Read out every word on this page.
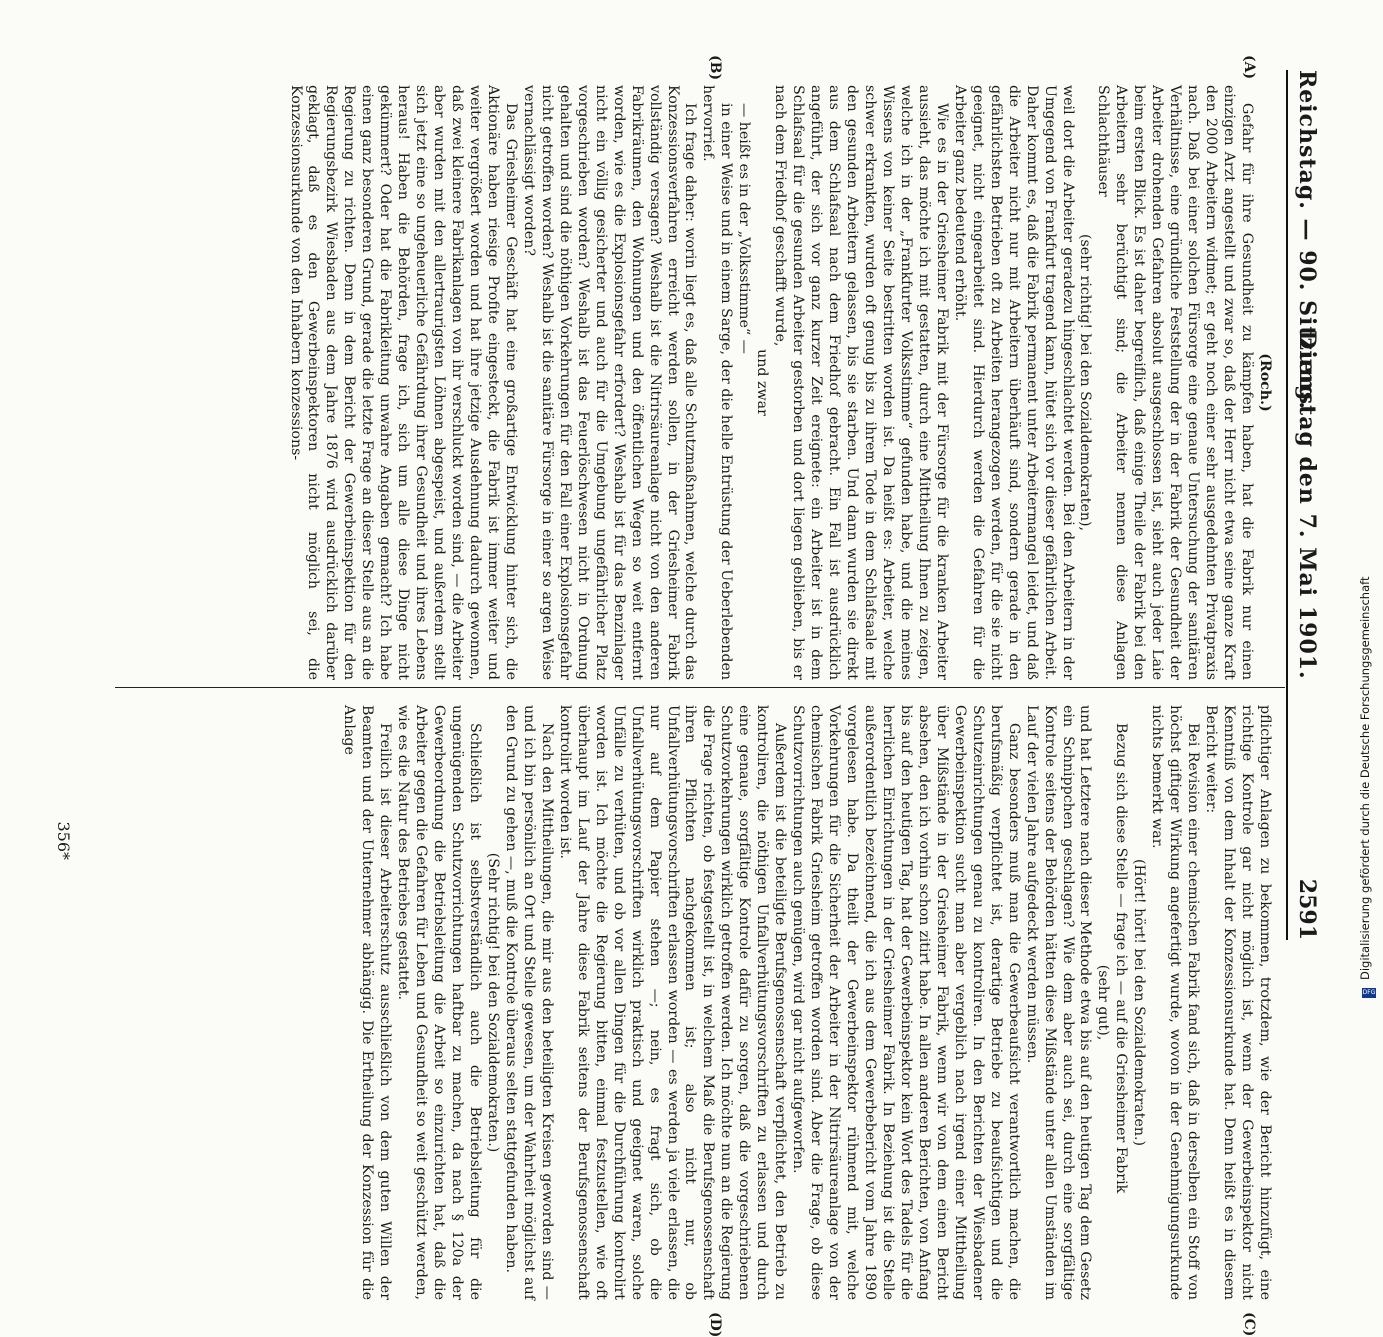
Reichstag. — 90. Sitzung.
Dienstag den 7. Mai 1901.
2591
(A)
(B)
(C)
(D)

(Roch.)

Gefahr für ihre Gesundheit zu kämpfen haben, hat die Fabrik nur einen einzigen Arzt angestellt und zwar so, daß der Herr nicht etwa seine ganze Kraft den 2000 Arbeitern widmet; er geht noch einer sehr ausgedehnten Privatpraxis nach. Daß bei einer solchen Fürsorge eine genaue Untersuchung der sanitären Verhältnisse, eine gründliche Feststellung der in der Fabrik der Gesundheit der Arbeiter drohenden Gefahren absolut ausgeschlossen ist, sieht auch jeder Laie beim ersten Blick. Es ist daher begreiflich, daß einige Theile der Fabrik bei den Arbeitern sehr berüchtigt sind; die Arbeiter nennen diese Anlagen Schlachthäuser

(sehr richtig! bei den Sozialdemokraten),

weil dort die Arbeiter geradezu hingeschlachtet werden. Bei den Arbeitern in der Umgegend von Frankfurt tragend kann, hütet sich vor dieser gefährlichen Arbeit. Daher kommt es, daß die Fabrik permanent unter Arbeitermangel leidet, und daß die Arbeiter nicht nur mit Arbeitern überhäuft sind, sondern gerade in den gefährlichsten Betrieben oft zu Arbeiten herangezogen werden, für die sie nicht geeignet, nicht eingearbeitet sind. Hierdurch werden die Gefahren für die Arbeiter ganz bedeutend erhöht.

Wie es in der Griesheimer Fabrik mit der Fürsorge für die kranken Arbeiter aussieht, das möchte ich mit gestatten, durch eine Mittheilung Ihnen zu zeigen, welche ich in der „Frankfurter Volksstimme“ gefunden habe, und die meines Wissens von keiner Seite bestritten worden ist. Da heißt es: Arbeiter, welche schwer erkrankten, wurden oft genug bis zu ihrem Tode in dem Schlafsaale mit den gesunden Arbeitern gelassen, bis sie starben. Und dann wurden sie direkt aus dem Schlafsaal nach dem Friedhof gebracht. Ein Fall ist ausdrücklich angeführt, der sich vor ganz kurzer Zeit ereignete: ein Arbeiter ist in dem Schlafsaal für die gesunden Arbeiter gestorben und dort liegen geblieben, bis er nach dem Friedhof geschafft wurde,

und zwar

— heißt es in der „Volksstimme“ —

in einer Weise und in einem Sarge, der die helle Entrüstung der Ueberlebenden hervorrief.

Ich frage daher: worin liegt es, daß alle Schutzmaßnahmen, welche durch das Konzessionsverfahren erreicht werden sollen, in der Griesheimer Fabrik vollständig versagen? Weshalb ist die Nitrirsäureanlage nicht von den anderen Fabrikräumen, den Wohnungen und den öffentlichen Wegen so weit entfernt worden, wie es die Explosionsgefahr erfordert? Weshalb ist für das Benzinlager nicht ein völlig gesicherter und auch für die Umgebung ungefährlicher Platz vorgeschrieben worden? Weshalb ist das Feuerlöschwesen nicht in Ordnung gehalten und sind die nöthigen Vorkehrungen für den Fall einer Explosionsgefahr nicht getroffen worden? Weshalb ist die sanitäre Fürsorge in einer so argen Weise vernachlässigt worden?

Das Griesheimer Geschäft hat eine großartige Entwicklung hinter sich, die Aktionäre haben riesige Profite eingesteckt, die Fabrik ist immer weiter und weiter vergrößert worden und hat ihre jetzige Ausdehnung dadurch gewonnen, daß zwei kleinere Fabrikanlagen von ihr verschluckt worden sind, — die Arbeiter aber wurden mit den allertraurigsten Löhnen abgespeist, und außerdem stellt sich jetzt eine so ungeheuerliche Gefährdung ihrer Gesundheit und ihres Lebens heraus! Haben die Behörden, frage ich, sich um alle diese Dinge nicht gekümmert? Oder hat die Fabrikleitung unwahre Angaben gemacht? Ich habe einen ganz besonderen Grund, gerade die letzte Frage an dieser Stelle aus an die Regierung zu richten. Denn in dem Bericht der Gewerbeinspektion für den Regierungsbezirk Wiesbaden aus dem Jahre 1876 wird ausdrücklich darüber geklagt, daß es den Gewerbeinspektoren nicht möglich sei, die Konzessionsurkunde von den Inhabern konzessions-

pflichtiger Anlagen zu bekommen, trotzdem, wie der Bericht hinzufügt, eine richtige Kontrole gar nicht möglich ist, wenn der Gewerbeinspektor nicht Kenntniß von dem Inhalt der Konzessionsurkunde hat. Denn heißt es in diesem Bericht weiter:

Bei Revision einer chemischen Fabrik fand sich, daß in derselben ein Stoff von höchst giftiger Wirkung angefertigt wurde, wovon in der Genehmigungsurkunde nichts bemerkt war.

(Hört! hört! bei den Sozialdemokraten.)

Bezug sich diese Stelle — frage ich — auf die Griesheimer Fabrik

(sehr gut),

und hat Letztere nach dieser Methode etwa bis auf den heutigen Tag dem Gesetz ein Schnippchen geschlagen? Wie dem aber auch sei, durch eine sorgfältige Kontrole seitens der Behörden hätten diese Mißstände unter allen Umständen im Lauf der vielen Jahre aufgedeckt werden müssen.

Ganz besonders muß man die Gewerbeaufsicht verantwortlich machen, die berufsmäßig verpflichtet ist, derartige Betriebe zu beaufsichtigen und die Schutzeinrichtungen genau zu kontroliren. In den Berichten der Wiesbadener Gewerbeinspektion sucht man aber vergeblich nach irgend einer Mittheilung über Mißstände in der Griesheimer Fabrik, wenn wir von dem einen Bericht absehen, den ich vorhin schon zitirt habe. In allen anderen Berichten, von Anfang bis auf den heutigen Tag, hat der Gewerbeinspektor kein Wort des Tadels für die herrlichen Einrichtungen in der Griesheimer Fabrik. In Beziehung ist die Stelle außerordentlich bezeichnend, die ich aus dem Gewerbebericht vom Jahre 1890 vorgelesen habe. Da theilt der Gewerbeinspektor rühmend mit, welche Vorkehrungen für die Sicherheit der Arbeiter in der Nitrirsäureanlage von der chemischen Fabrik Griesheim getroffen worden sind. Aber die Frage, ob diese Schutzvorrichtungen auch genügen, wird gar nicht aufgeworfen.

Außerdem ist die beteiligte Berufsgenossenschaft verpflichtet, den Betrieb zu kontroliren, die nöthigen Unfallverhütungsvorschriften zu erlassen und durch eine genaue, sorgfältige Kontrole dafür zu sorgen, daß die vorgeschriebenen Schutzvorkehrungen wirklich getroffen werden. Ich möchte nun an die Regierung die Frage richten, ob festgestellt ist, in welchem Maß die Berufsgenossenschaft ihren Pflichten nachgekommen ist; also nicht nur, ob Unfallverhütungsvorschriften erlassen worden — es werden ja viele erlassen, die nur auf dem Papier stehen —; nein, es fragt sich, ob die Unfallverhütungsvorschriften wirklich praktisch und geeignet waren, solche Unfälle zu verhüten, und ob vor allen Dingen für die Durchführung kontrolirt worden ist. Ich möchte die Regierung bitten, einmal festzustellen, wie oft überhaupt im Lauf der Jahre diese Fabrik seitens der Berufsgenossenschaft kontrolirt worden ist.

Nach den Mittheilungen, die mir aus den beteiligten Kreisen geworden sind — und ich bin persönlich an Ort und Stelle gewesen, um der Wahrheit möglichst auf den Grund zu gehen —, muß die Kontrole überaus selten stattgefunden haben.

(Sehr richtig! bei den Sozialdemokraten.)

Schließlich ist selbstverständlich auch die Betriebsleitung für die ungenügenden Schutzvorrichtungen haftbar zu machen, da nach § 120a der Gewerbeordnung die Betriebsleitung die Arbeit so einzurichten hat, daß die Arbeiter gegen die Gefahren für Leben und Gesundheit so weit geschützt werden, wie es die Natur des Betriebes gestattet.

Freilich ist dieser Arbeiterschutz ausschließlich von dem guten Willen der Beamten und der Unternehmer abhängig. Die Ertheilung der Konzession für die Anlage

356*	Digitalisierung gefördert durch die Deutsche Forschungsgemeinschaft
DFG
